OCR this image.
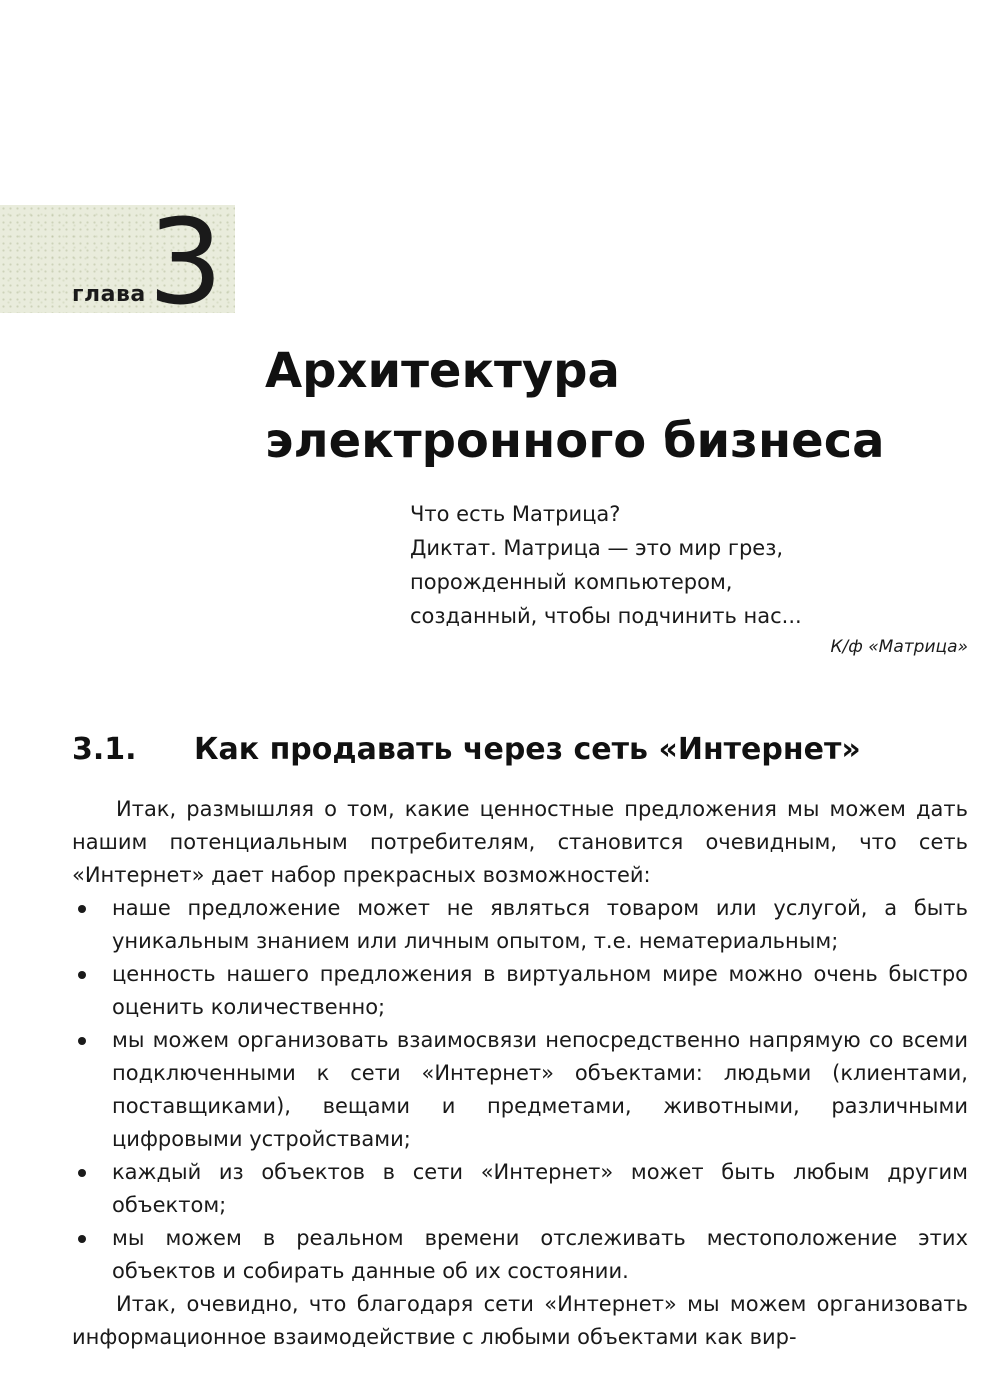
глава 3
Архитектура
электронного бизнеса
Что есть Матрица?
Диктат. Матрица — это мир грез,
порожденный компьютером,
созданный, чтобы подчинить нас...
К/ф «Матрица»
3.1. Как продавать через сеть «Интернет»

Итак, размышляя о том, какие ценностные предложения мы можем дать нашим потенциальным потребителям, становится очевидным, что сеть «Интернет» дает набор прекрасных возможностей:

наше предложение может не являться товаром или услугой, а быть уникальным знанием или личным опытом, т.е. нематериальным;
ценность нашего предложения в виртуальном мире можно очень быстро оценить количественно;
мы можем организовать взаимосвязи непосредственно напрямую со всеми подключенными к сети «Интернет» объектами: людьми (клиентами, поставщиками), вещами и предметами, животными, различными цифровыми устройствами;
каждый из объектов в сети «Интернет» может быть любым другим объектом;
мы можем в реальном времени отслеживать местоположение этих объектов и собирать данные об их состоянии.

Итак, очевидно, что благодаря сети «Интернет» мы можем организовать информационное взаимодействие с любыми объектами как вир-
